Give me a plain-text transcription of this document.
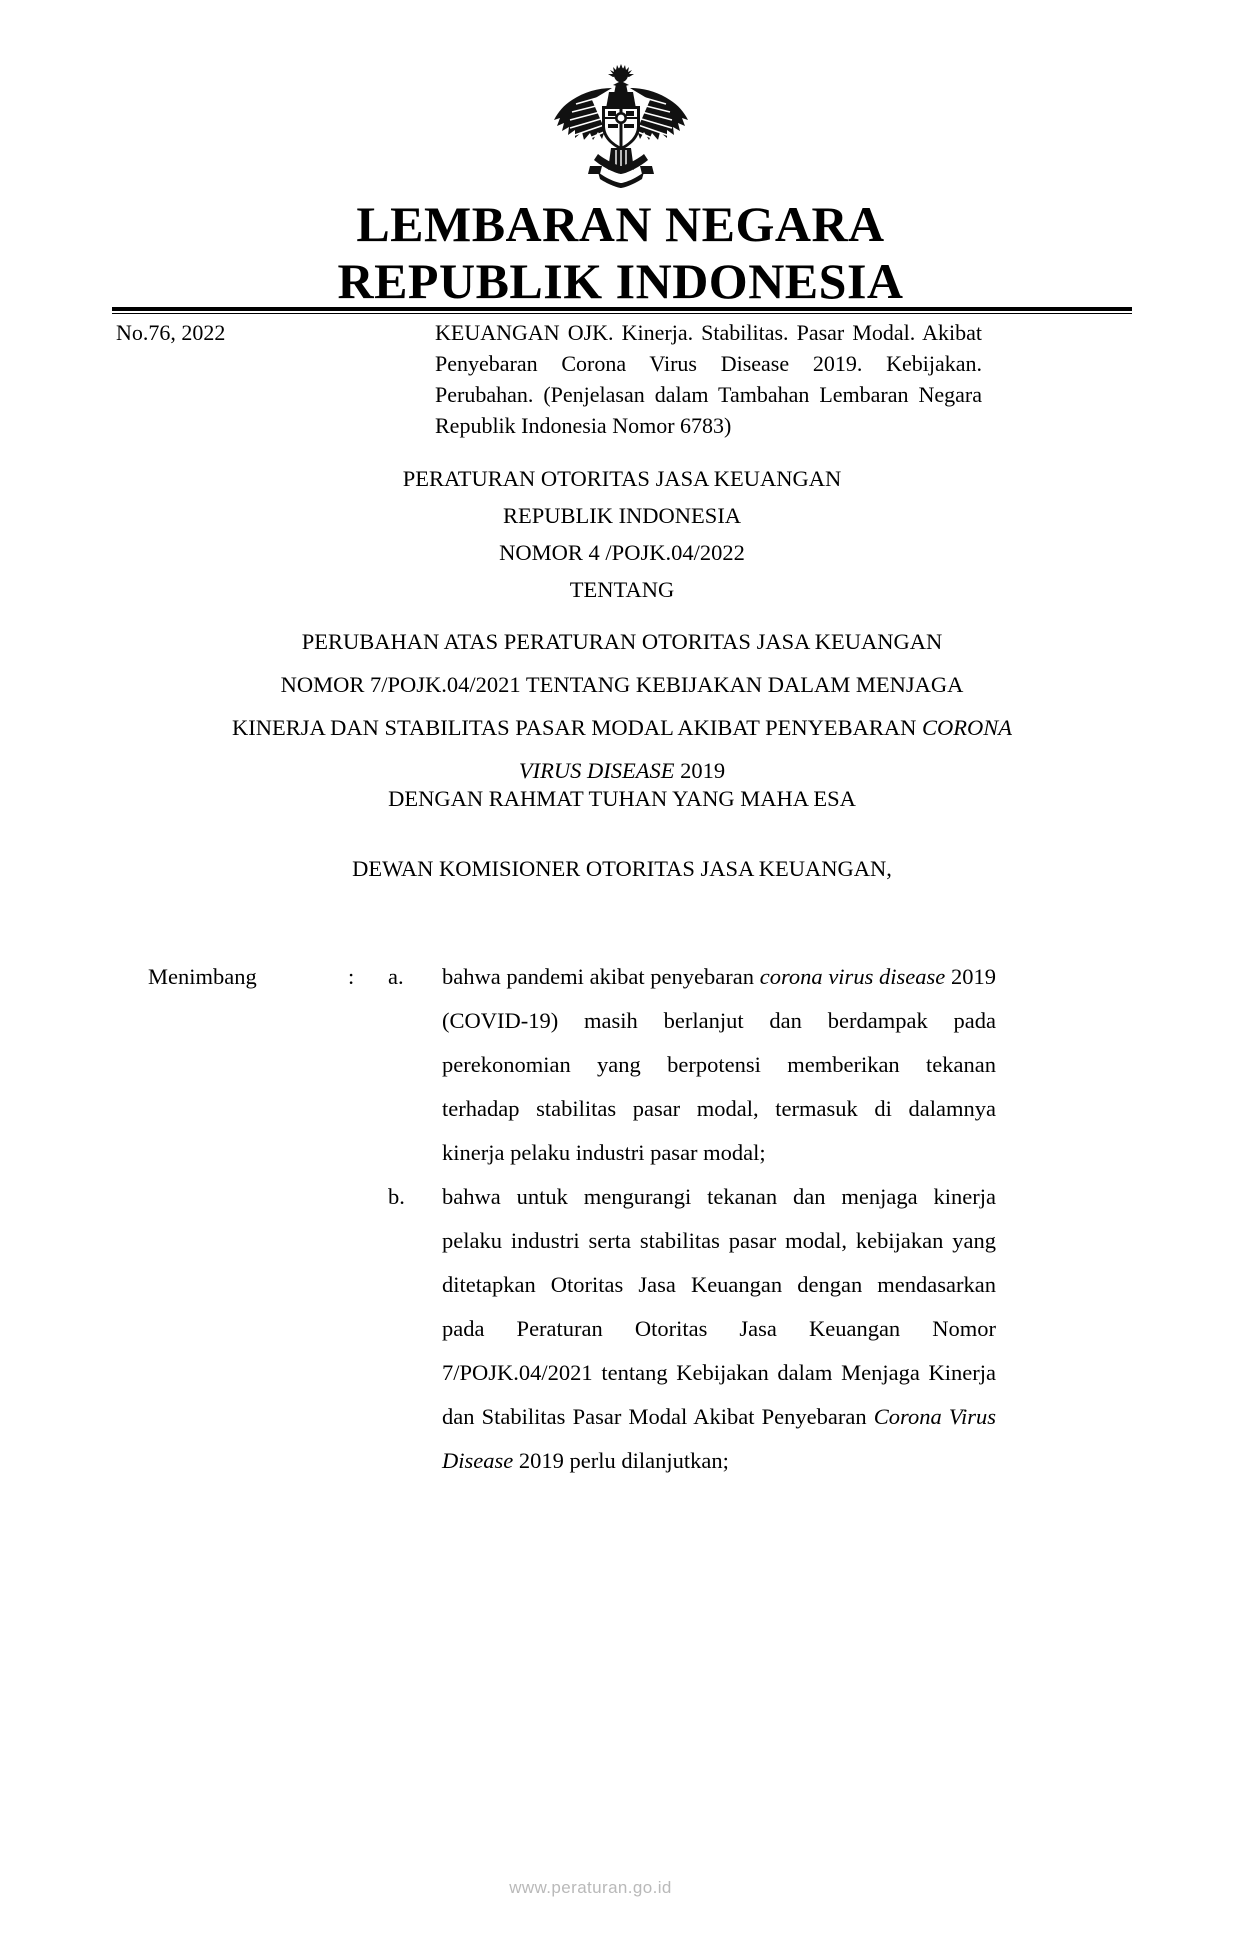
LEMBARAN NEGARA
REPUBLIK INDONESIA
No.76, 2022	KEUANGAN OJK. Kinerja. Stabilitas. Pasar Modal. Akibat Penyebaran Corona Virus Disease 2019. Kebijakan. Perubahan. (Penjelasan dalam Tambahan Lembaran Negara Republik Indonesia Nomor 6783)
PERATURAN OTORITAS JASA KEUANGAN
REPUBLIK INDONESIA
NOMOR 4 /POJK.04/2022
TENTANG
PERUBAHAN ATAS PERATURAN OTORITAS JASA KEUANGAN
NOMOR 7/POJK.04/2021 TENTANG KEBIJAKAN DALAM MENJAGA
KINERJA DAN STABILITAS PASAR MODAL AKIBAT PENYEBARAN CORONA
VIRUS DISEASE 2019
DENGAN RAHMAT TUHAN YANG MAHA ESA
DEWAN KOMISIONER OTORITAS JASA KEUANGAN,
Menimbang	: a.	bahwa pandemi akibat penyebaran corona virus disease 2019 (COVID-19) masih berlanjut dan berdampak pada perekonomian yang berpotensi memberikan tekanan terhadap stabilitas pasar modal, termasuk di dalamnya kinerja pelaku industri pasar modal;
b.	bahwa untuk mengurangi tekanan dan menjaga kinerja pelaku industri serta stabilitas pasar modal, kebijakan yang ditetapkan Otoritas Jasa Keuangan dengan mendasarkan pada Peraturan Otoritas Jasa Keuangan Nomor 7/POJK.04/2021 tentang Kebijakan dalam Menjaga Kinerja dan Stabilitas Pasar Modal Akibat Penyebaran Corona Virus Disease 2019 perlu dilanjutkan;
www.peraturan.go.id
